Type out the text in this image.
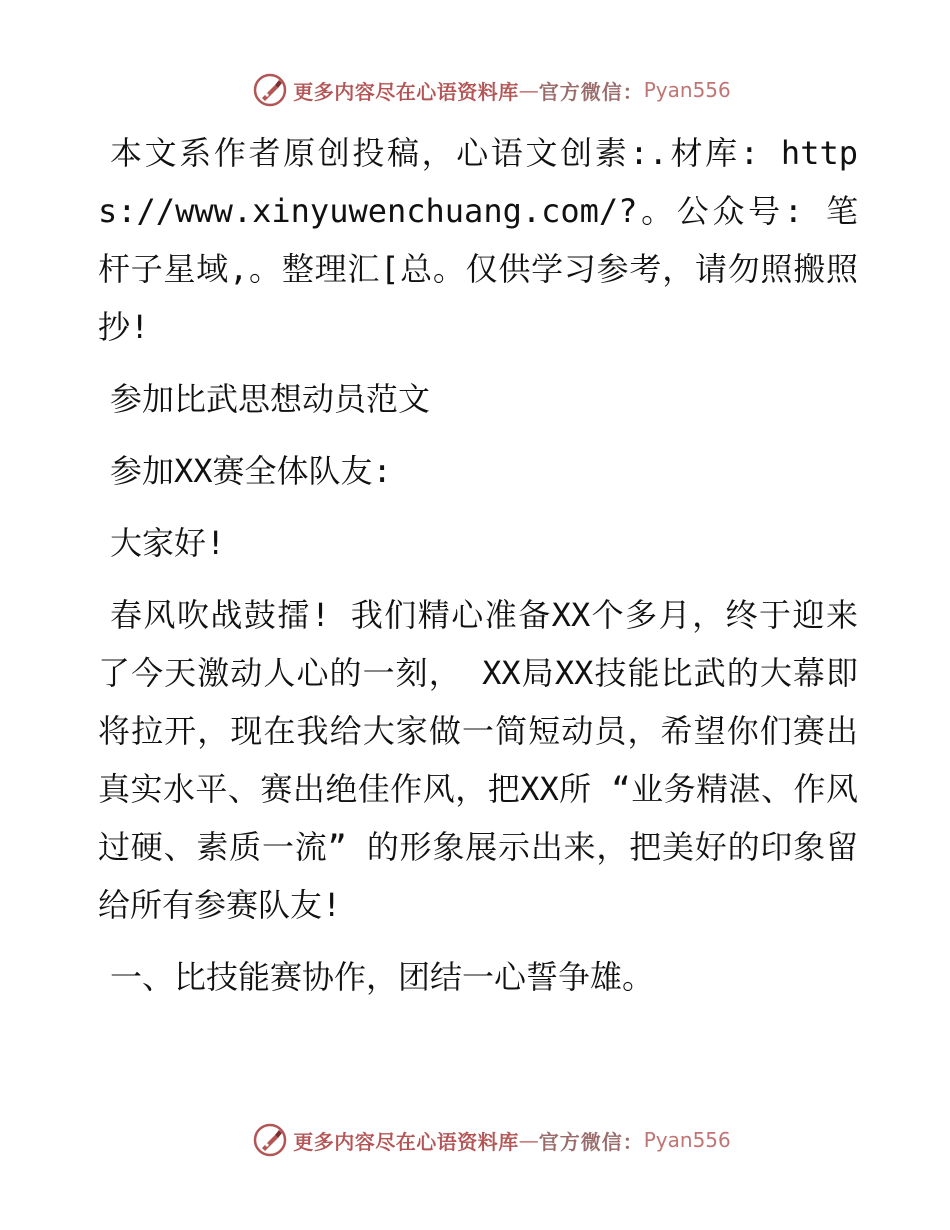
更多内容尽在心语资料库 — 官方微信： Pyan556

本文系作者原创投稿，心语文创素:.材库: https://www.xinyuwenchuang.com/?。公众号: 笔杆子星域,。整理汇[总。仅供学习参考，请勿照搬照抄!

参加比武思想动员范文

参加XX赛全体队友:

大家好!

春风吹战鼓擂! 我们精心准备XX个多月，终于迎来了今天激动人心的一刻， XX局XX技能比武的大幕即将拉开，现在我给大家做一简短动员，希望你们赛出真实水平、赛出绝佳作风，把XX所 “业务精湛、作风过硬、素质一流” 的形象展示出来，把美好的印象留给所有参赛队友!

一、比技能赛协作，团结一心誓争雄。

更多内容尽在心语资料库 — 官方微信： Pyan556
